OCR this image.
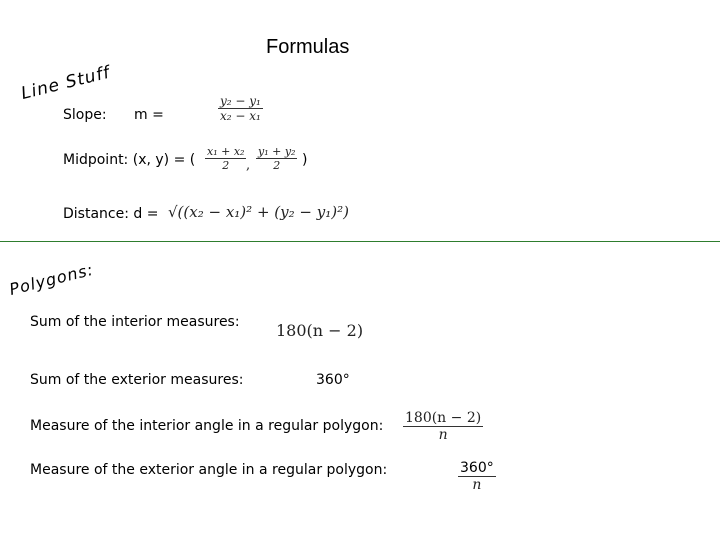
Formulas
Line Stuff
Slope: m =	$\frac{\text{y₂ − y₁}}{\text{x₂ − x₁}}$
Midpoint: (x, y) = ( $\frac{\text{x₁ + x₂}}{2}$ , $\frac{\text{y₁ + y₂}}{2}$ )
Distance: d = √((x₂ − x₁)² + (y₂ − y₁)²)
Polygons:
Sum of the interior measures: 180(n − 2)
Sum of the exterior measures:	360°
Measure of the interior angle in a regular polygon: $\frac{180(n - 2)}{n}$
Measure of the exterior angle in a regular polygon:	$\frac{360^\circ}{n}$
